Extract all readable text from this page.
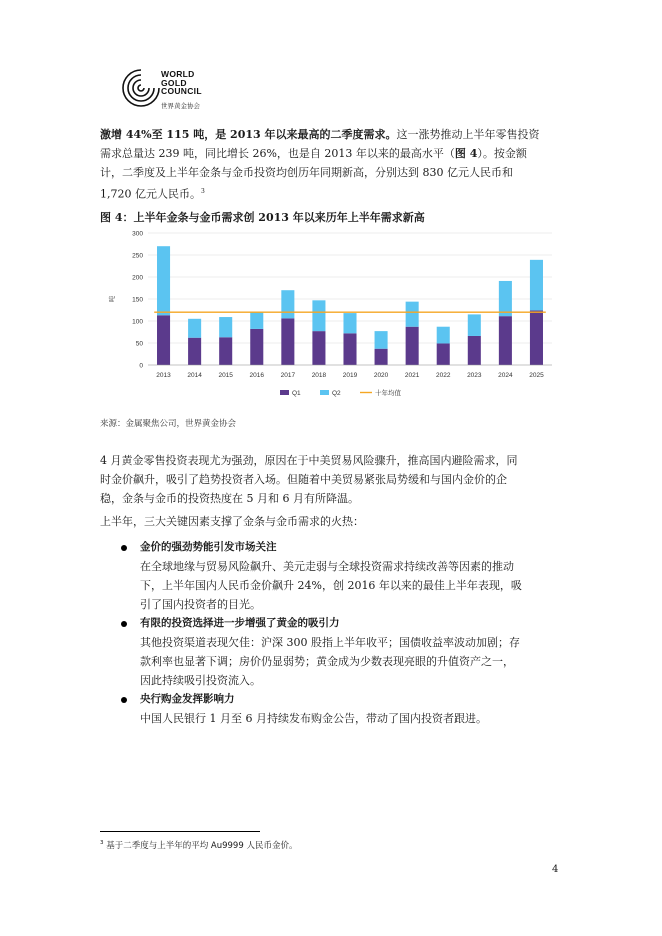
WORLD
GOLD
COUNCIL
世界黄金协会
激增 44%至 115 吨，是 2013 年以来最高的二季度需求。这一涨势推动上半年零售投资
需求总量达 239 吨，同比增长 26%，也是自 2013 年以来的最高水平（图 4）。按金额
计，二季度及上半年金条与金币投资均创历年同期新高，分别达到 830 亿元人民币和
1,720 亿元人民币。$^3$
图 4：上半年金条与金币需求创 2013 年以来历年上半年需求新高
0
50
100
150
200
250
300
吨
2013	2014	2015	2016	2017	2018	2019	2020	2021	2022	2023	2024	2025
Q1	Q2	十年均值
来源：金属聚焦公司，世界黄金协会
4 月黄金零售投资表现尤为强劲，原因在于中美贸易风险骤升，推高国内避险需求，同
时金价飙升，吸引了趋势投资者入场。但随着中美贸易紧张局势缓和与国内金价的企
稳，金条与金币的投资热度在 5 月和 6 月有所降温。
上半年，三大关键因素支撑了金条与金币需求的火热：
金价的强劲势能引发市场关注
在全球地缘与贸易风险飙升、美元走弱与全球投资需求持续改善等因素的推动
下，上半年国内人民币金价飙升 24%，创 2016 年以来的最佳上半年表现，吸
引了国内投资者的目光。
有限的投资选择进一步增强了黄金的吸引力
其他投资渠道表现欠佳：沪深 300 股指上半年收平；国债收益率波动加剧；存
款利率也显著下调；房价仍显弱势；黄金成为少数表现亮眼的升值资产之一，
因此持续吸引投资流入。
央行购金发挥影响力
中国人民银行 1 月至 6 月持续发布购金公告，带动了国内投资者跟进。
$^3$ 基于二季度与上半年的平均 Au9999 人民币金价。
4
